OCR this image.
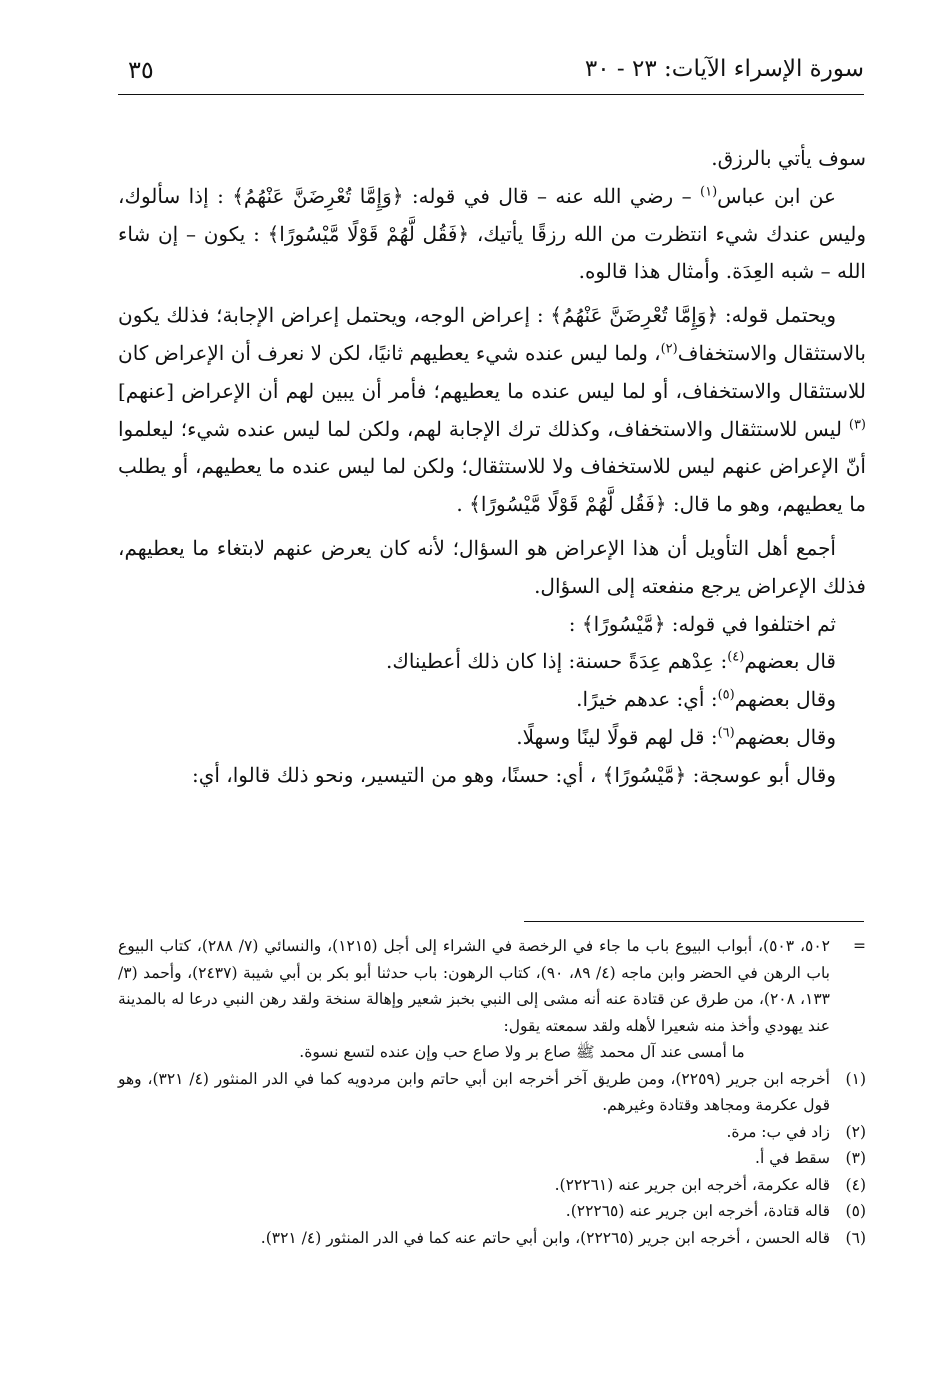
سورة الإسراء الآيات: ٢٣ - ٣٠
٣٥

سوف يأتي بالرزق.

عن ابن عباس$^{(١)}$ – رضي الله عنه – قال في قوله: ﴿وَإِمَّا تُعْرِضَنَّ عَنْهُمُ﴾ : إذا سألوك، وليس عندك شيء انتظرت من الله رزقًا يأتيك، ﴿فَقُل لَّهُمْ قَوْلًا مَّيْسُورًا﴾ : يكون – إن شاء الله – شبه العِدَة. وأمثال هذا قالوه.

ويحتمل قوله: ﴿وَإِمَّا تُعْرِضَنَّ عَنْهُمُ﴾ : إعراض الوجه، ويحتمل إعراض الإجابة؛ فذلك يكون بالاستثقال والاستخفاف$^{(٢)}$، ولما ليس عنده شيء يعطيهم ثانيًا، لكن لا نعرف أن الإعراض كان للاستثقال والاستخفاف، أو لما ليس عنده ما يعطيهم؛ فأمر أن يبين لهم أن الإعراض [عنهم]$^{(٣)}$ ليس للاستثقال والاستخفاف، وكذلك ترك الإجابة لهم، ولكن لما ليس عنده شيء؛ ليعلموا أنّ الإعراض عنهم ليس للاستخفاف ولا للاستثقال؛ ولكن لما ليس عنده ما يعطيهم، أو يطلب ما يعطيهم، وهو ما قال: ﴿فَقُل لَّهُمْ قَوْلًا مَّيْسُورًا﴾ .

أجمع أهل التأويل أن هذا الإعراض هو السؤال؛ لأنه كان يعرض عنهم لابتغاء ما يعطيهم، فذلك الإعراض يرجع منفعته إلى السؤال.

ثم اختلفوا في قوله: ﴿مَّيْسُورًا﴾ :

قال بعضهم$^{(٤)}$: عِدْهم عِدَةً حسنة: إذا كان ذلك أعطيناك.

وقال بعضهم$^{(٥)}$: أي: عدهم خيرًا.

وقال بعضهم$^{(٦)}$: قل لهم قولًا لينًا وسهلًا.

وقال أبو عوسجة: ﴿مَّيْسُورًا﴾ ، أي: حسنًا، وهو من التيسير، ونحو ذلك قالوا، أي:

=
٥٠٢، ٥٠٣)، أبواب البيوع باب ما جاء في الرخصة في الشراء إلى أجل (١٢١٥)، والنسائي (٧/ ٢٨٨)، كتاب البيوع باب الرهن في الحضر وابن ماجه (٤/ ٨٩، ٩٠)، كتاب الرهون: باب حدثنا أبو بكر بن أبي شيبة (٢٤٣٧)، وأحمد (٣/ ١٣٣، ٢٠٨)، من طرق عن قتادة عنه أنه مشى إلى النبي بخبز شعير وإهالة سنخة ولقد رهن النبي درعا له بالمدينة عند يهودي وأخذ منه شعيرا لأهله ولقد سمعته يقول:
ما أمسى عند آل محمد ﷺ صاع بر ولا صاع حب وإن عنده لتسع نسوة.
(١)
أخرجه ابن جرير (٢٢٥٩)، ومن طريق آخر أخرجه ابن أبي حاتم وابن مردويه كما في الدر المنثور (٤/ ٣٢١)، وهو قول عكرمة ومجاهد وقتادة وغيرهم.
(٢)
زاد في ب: مرة.
(٣)
سقط في أ.
(٤)
قاله عكرمة، أخرجه ابن جرير عنه (٢٢٢٦١).
(٥)
قاله قتادة، أخرجه ابن جرير عنه (٢٢٢٦٥).
(٦)
قاله الحسن ، أخرجه ابن جرير (٢٢٢٦٥)، وابن أبي حاتم عنه كما في الدر المنثور (٤/ ٣٢١).
